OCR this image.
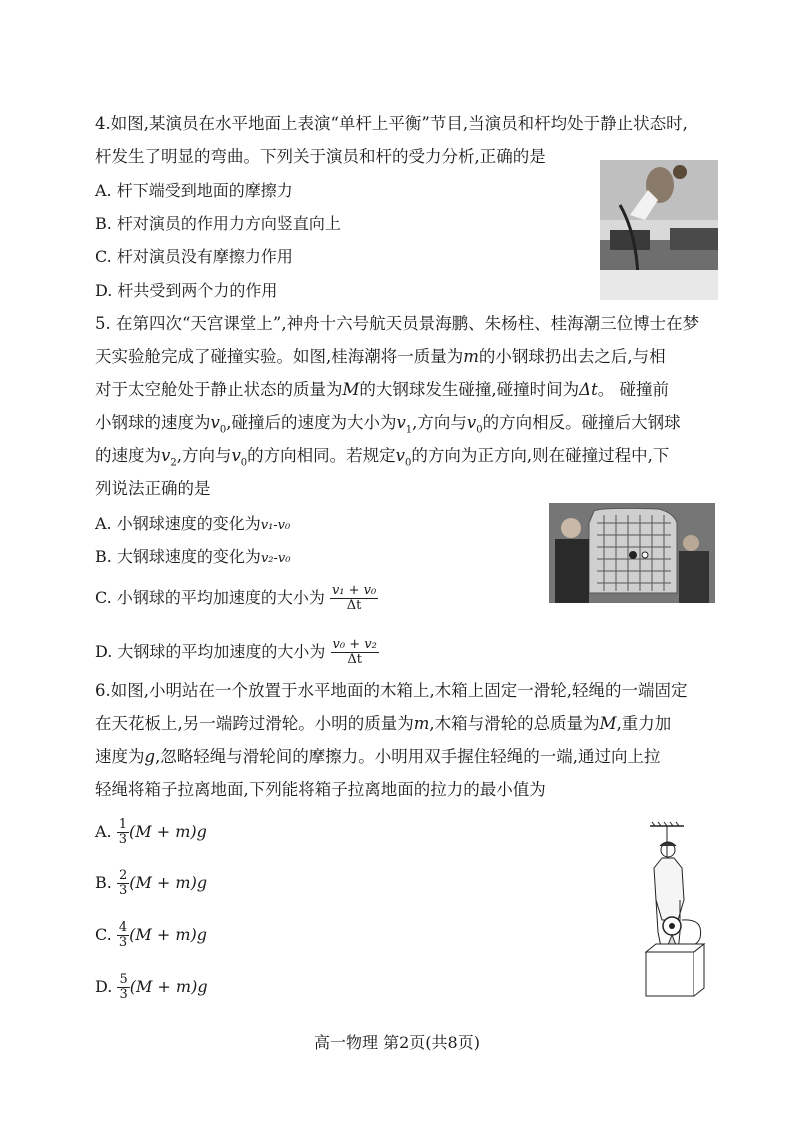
4.如图,某演员在水平地面上表演“单杆上平衡”节目,当演员和杆均处于静止状态时,
杆发生了明显的弯曲。下列关于演员和杆的受力分析,正确的是
A. 杆下端受到地面的摩擦力
B. 杆对演员的作用力方向竖直向上
C. 杆对演员没有摩擦力作用
D. 杆共受到两个力的作用
5. 在第四次“天宫课堂上”,神舟十六号航天员景海鹏、朱杨柱、桂海潮三位博士在梦
天实验舱完成了碰撞实验。如图,桂海潮将一质量为m的小钢球扔出去之后,与相
对于太空舱处于静止状态的质量为M的大钢球发生碰撞,碰撞时间为Δt。 碰撞前
小钢球的速度为$v_0$,碰撞后的速度为大小为$v_1$,方向与$v_0$的方向相反。碰撞后大钢球
的速度为$v_2$,方向与$v_0$的方向相同。若规定$v_0$的方向为正方向,则在碰撞过程中,下
列说法正确的是
A. 小钢球速度的变化为v₁-v₀
B. 大钢球速度的变化为v₂-v₀
C. 小钢球的平均加速度的大小为 $\frac{\text{v₁ + v₀}}{\Delta t}$
D. 大钢球的平均加速度的大小为 $\frac{\text{v₀ + v₂}}{\Delta t}$
6.如图,小明站在一个放置于水平地面的木箱上,木箱上固定一滑轮,轻绳的一端固定
在天花板上,另一端跨过滑轮。小明的质量为m,木箱与滑轮的总质量为M,重力加
速度为g,忽略轻绳与滑轮间的摩擦力。小明用双手握住轻绳的一端,通过向上拉
轻绳将箱子拉离地面,下列能将箱子拉离地面的拉力的最小值为
A. $\frac{1}{3} (M + m)g$
B. $\frac{2}{3} (M + m)g$
C. $\frac{4}{3} (M + m)g$
D. $\frac{5}{3} (M + m)g$
高一物理 第2页(共8页)
